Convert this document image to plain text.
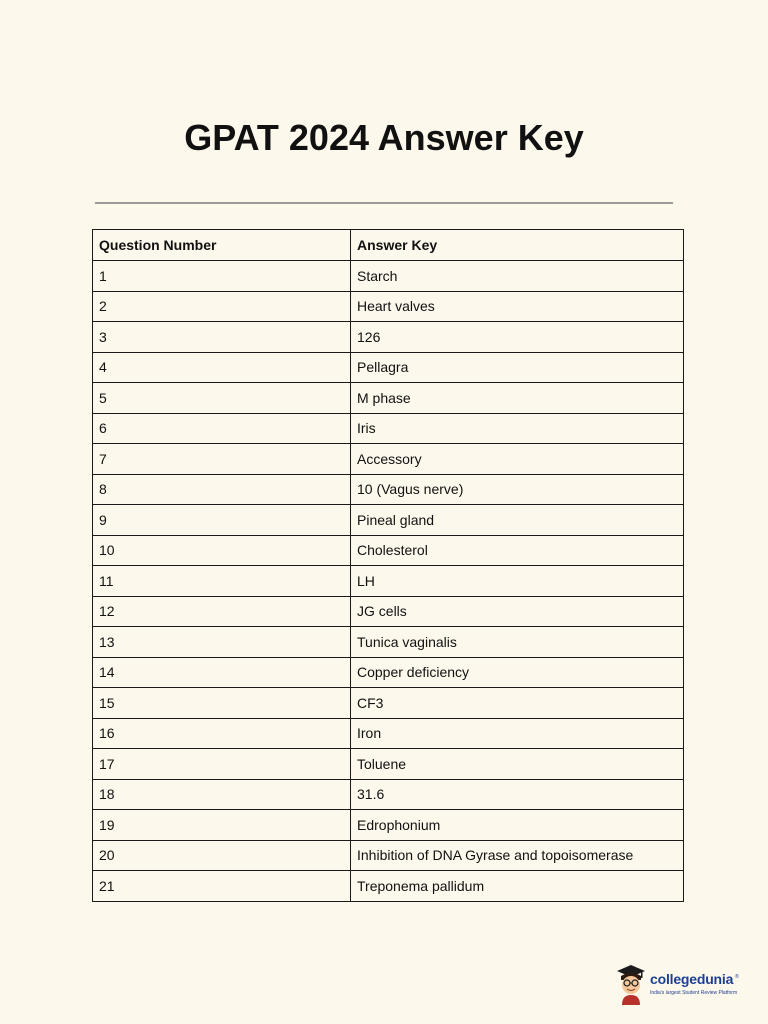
GPAT 2024 Answer Key
Question Number	Answer Key
1	Starch
2	Heart valves
3	126
4	Pellagra
5	M phase
6	Iris
7	Accessory
8	10 (Vagus nerve)
9	Pineal gland
10	Cholesterol
11	LH
12	JG cells
13	Tunica vaginalis
14	Copper deficiency
15	CF3
16	Iron
17	Toluene
18	31.6
19	Edrophonium
20	Inhibition of DNA Gyrase and topoisomerase
21	Treponema pallidum
collegedunia ®
India's largest Student Review Platform
